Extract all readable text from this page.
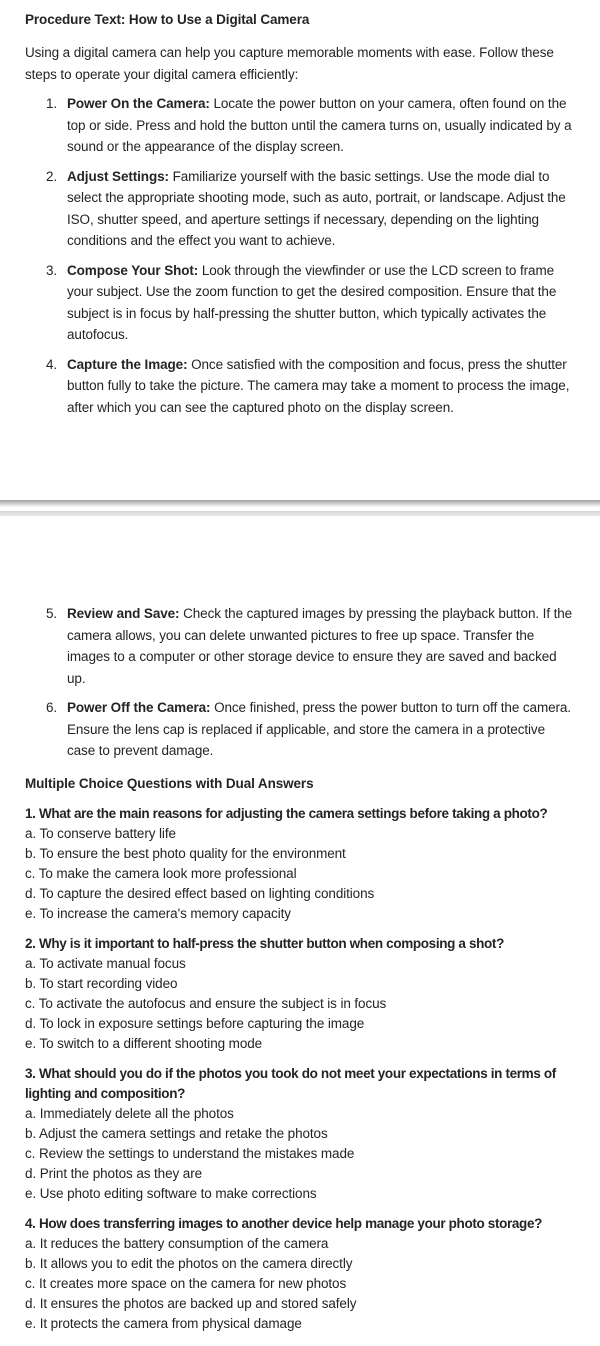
Procedure Text: How to Use a Digital Camera
Using a digital camera can help you capture memorable moments with ease. Follow these steps to operate your digital camera efficiently:
1. Power On the Camera: Locate the power button on your camera, often found on the top or side. Press and hold the button until the camera turns on, usually indicated by a sound or the appearance of the display screen.
2. Adjust Settings: Familiarize yourself with the basic settings. Use the mode dial to select the appropriate shooting mode, such as auto, portrait, or landscape. Adjust the ISO, shutter speed, and aperture settings if necessary, depending on the lighting conditions and the effect you want to achieve.
3. Compose Your Shot: Look through the viewfinder or use the LCD screen to frame your subject. Use the zoom function to get the desired composition. Ensure that the subject is in focus by half-pressing the shutter button, which typically activates the autofocus.
4. Capture the Image: Once satisfied with the composition and focus, press the shutter button fully to take the picture. The camera may take a moment to process the image, after which you can see the captured photo on the display screen.
5. Review and Save: Check the captured images by pressing the playback button. If the camera allows, you can delete unwanted pictures to free up space. Transfer the images to a computer or other storage device to ensure they are saved and backed up.
6. Power Off the Camera: Once finished, press the power button to turn off the camera. Ensure the lens cap is replaced if applicable, and store the camera in a protective case to prevent damage.
Multiple Choice Questions with Dual Answers
1. What are the main reasons for adjusting the camera settings before taking a photo?
a. To conserve battery life
b. To ensure the best photo quality for the environment
c. To make the camera look more professional
d. To capture the desired effect based on lighting conditions
e. To increase the camera's memory capacity
2. Why is it important to half-press the shutter button when composing a shot?
a. To activate manual focus
b. To start recording video
c. To activate the autofocus and ensure the subject is in focus
d. To lock in exposure settings before capturing the image
e. To switch to a different shooting mode
3. What should you do if the photos you took do not meet your expectations in terms of lighting and composition?
a. Immediately delete all the photos
b. Adjust the camera settings and retake the photos
c. Review the settings to understand the mistakes made
d. Print the photos as they are
e. Use photo editing software to make corrections
4. How does transferring images to another device help manage your photo storage?
a. It reduces the battery consumption of the camera
b. It allows you to edit the photos on the camera directly
c. It creates more space on the camera for new photos
d. It ensures the photos are backed up and stored safely
e. It protects the camera from physical damage
